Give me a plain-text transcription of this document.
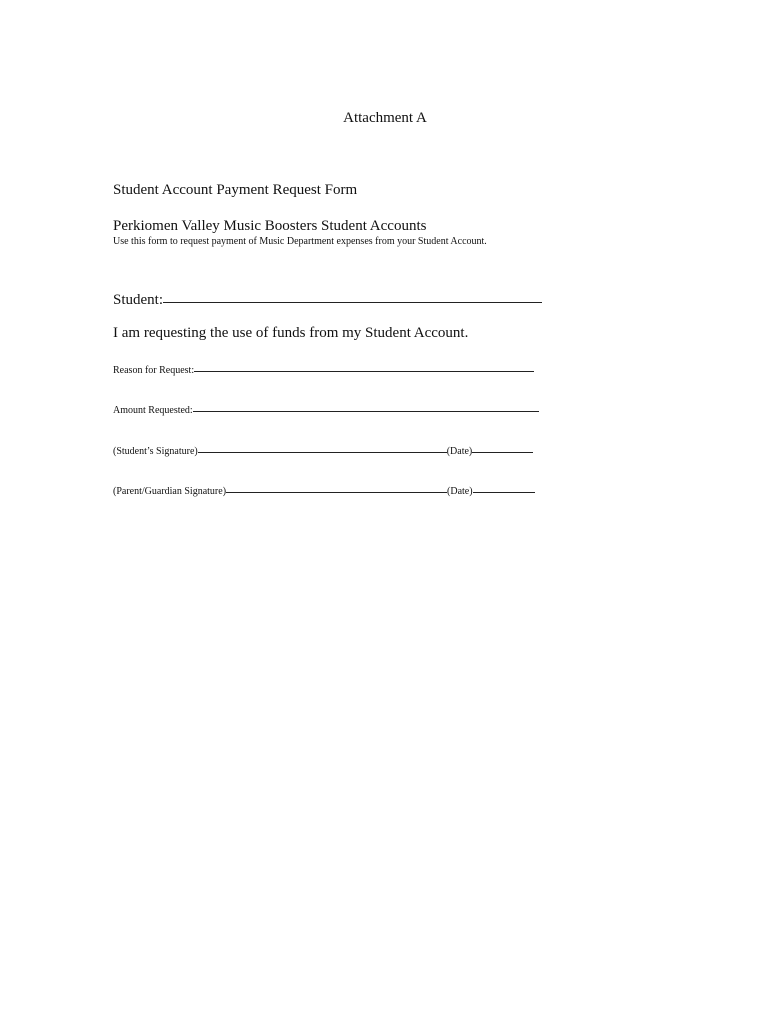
Attachment A
Student Account Payment Request Form
Perkiomen Valley Music Boosters Student Accounts
Use this form to request payment of Music Department expenses from your Student Account.
Student:
I am requesting the use of funds from my Student Account.
Reason for Request:
Amount Requested:
(Student’s Signature)	(Date)
(Parent/Guardian Signature)	(Date)
